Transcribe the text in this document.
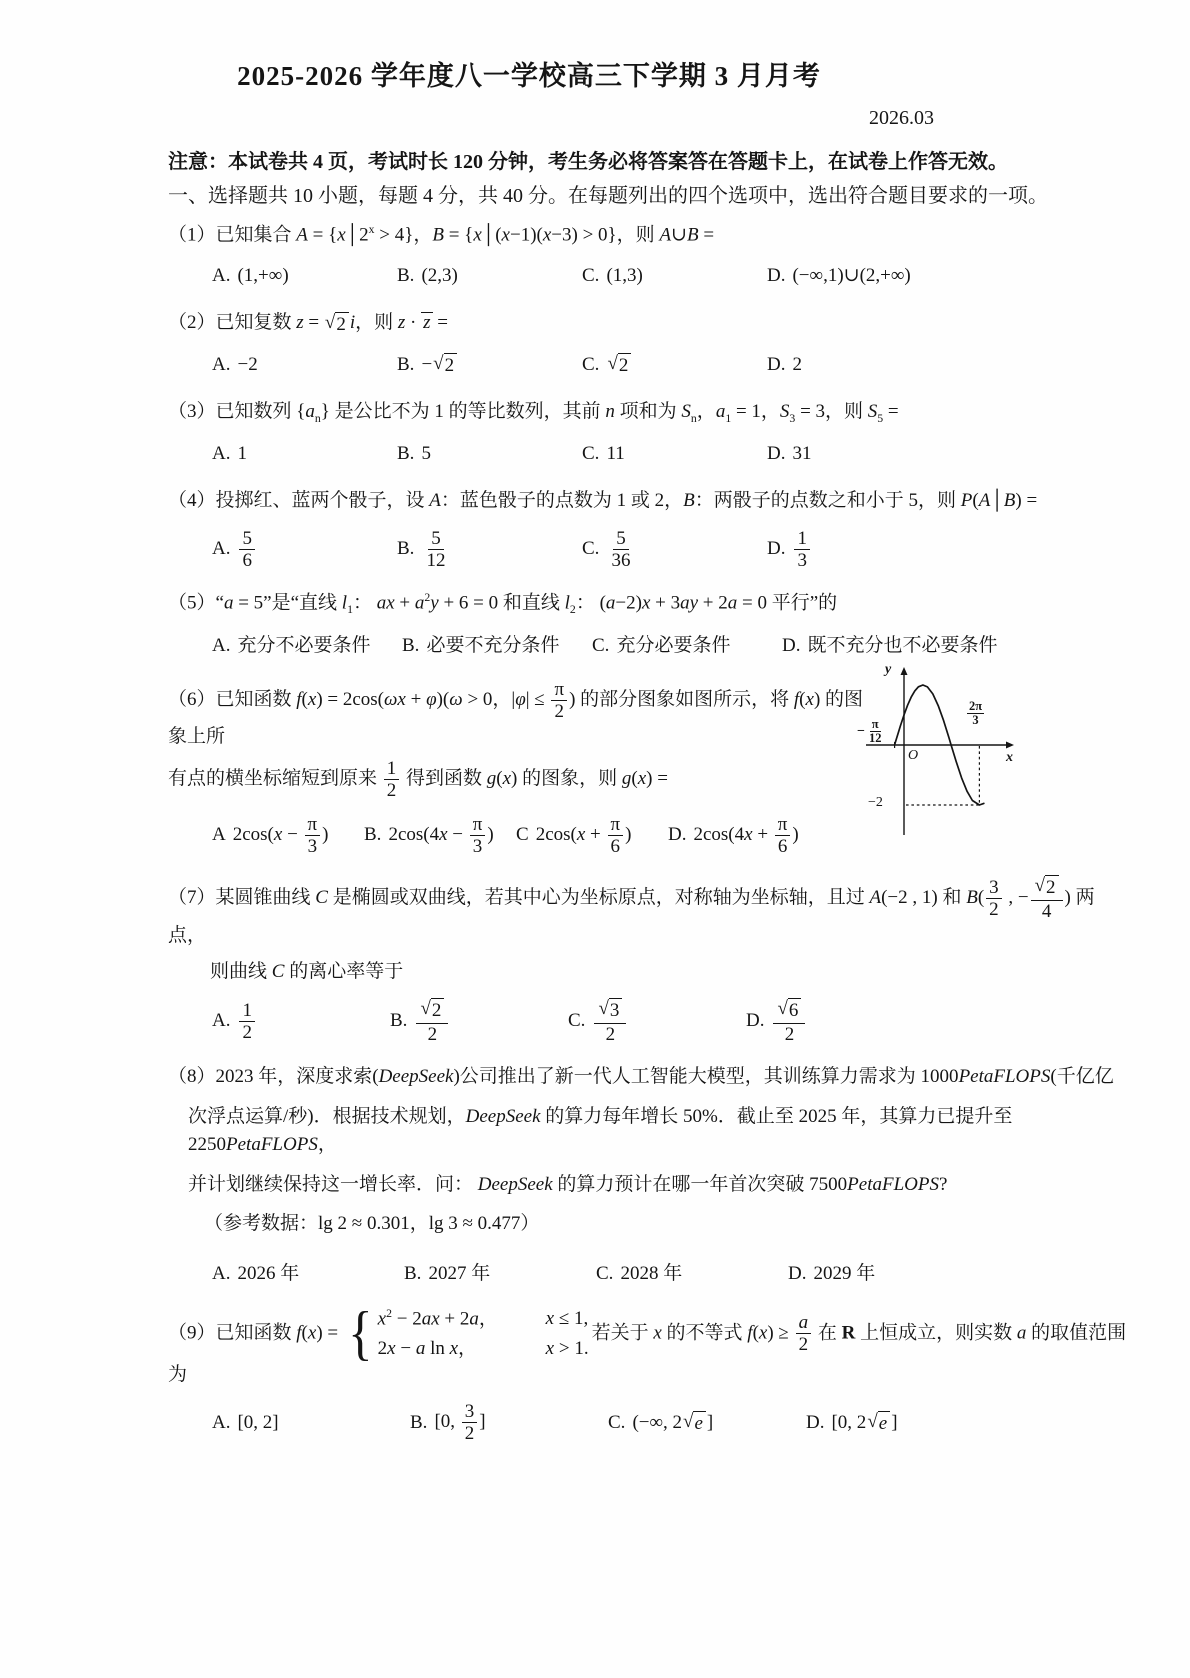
2025-2026 学年度八一学校高三下学期 3 月月考
2026.03
注意：本试卷共 4 页，考试时长 120 分钟，考生务必将答案答在答题卡上，在试卷上作答无效。
一、选择题共 10 小题，每题 4 分，共 40 分。在每题列出的四个选项中，选出符合题目要求的一项。
（1）已知集合 $A = \{x│2^x > 4\}$，B = {x│(x−1)(x−3) > 0}，则 A∪B =
A. (1,+∞)	B. (2,3)	C. (1,3)	D. (−∞,1)∪(2,+∞)
（2）已知复数 z = √ 2 i，则 z · z =
A. −2	B. − √ 2	C. √ 2	D. 2
（3）已知数列 $\{a_n\}$ 是公比不为 1 的等比数列，其前 n 项和为 $S_n$，$a_1 = 1$，$S_3 = 3$，则 $S_5$ =
A. 1	B. 5	C. 11	D. 31
（4）投掷红、蓝两个骰子，设 A：蓝色骰子的点数为 1 或 2，B：两骰子的点数之和小于 5，则 P(A│B) =
A. $\frac{5}{6}$	B. $\frac{5}{12}$	C. $\frac{5}{36}$	D. $\frac{1}{3}$
（5）“a = 5”是“直线 $l_1$： ax + $a^2y + 6 = 0$ 和直线 $l_2$： (a−2)x + 3ay + 2a = 0 平行”的
A. 充分不必要条件 B. 必要不充分条件 C. 充分必要条件	D. 既不充分也不必要条件
（6）已知函数 f(x) = 2cos(ωx + φ)(ω > 0，$|\varphi| \le \frac{\pi}{2}$ ) 的部分图象如图所示，将 f(x) 的图象上所
有点的横坐标缩短到原来 $\frac{1}{2}$ 得到函数 g(x) 的图象，则 g(x) =
A $2\cos(x - \frac{\pi}{3}$ ) B. $2\cos(4x - \frac{\pi}{3}$ ) C $2\cos(x + \frac{\pi}{6}$ ) D. $2\cos(4x + \frac{\pi}{6}$ )
y
x
O
−2
− $\frac{\pi}{12}$
$\frac{2\pi}{3}$
（7）某圆锥曲线 C 是椭圆或双曲线，若其中心为坐标原点，对称轴为坐标轴，且过 A(−2 , 1) 和 $B( \frac{3}{2}$ , − $\frac{√ 2}{4}$ ) 两点，
则曲线 C 的离心率等于
A. $\frac{1}{2}$	B. $\frac{√ 2}{2}$	C. $\frac{√ 3}{2}$	D. $\frac{√ 6}{2}$
（8）2023 年，深度求索(DeepSeek)公司推出了新一代人工智能大模型，其训练算力需求为 1000PetaFLOPS(千亿亿
次浮点运算/秒)．根据技术规划，DeepSeek 的算力每年增长 50%．截止至 2025 年，其算力已提升至 2250PetaFLOPS，
并计划继续保持这一增长率．问： DeepSeek 的算力预计在哪一年首次突破 7500PetaFLOPS?
（参考数据：lg 2 ≈ 0.301，lg 3 ≈ 0.477）
A. 2026 年	B. 2027 年	C. 2028 年	D. 2029 年
（9）已知函数 f(x) = { $x^2 - 2ax + 2a$，	x ≤ 1,
2x − a ln x，	x > 1.
若关于 x 的不等式 $f(x) \ge \frac{a}{2}$ 在 R 上恒成立，则实数 a 的取值范围为
A. [0, 2]	B. [0, $\frac{3}{2}$ ]	C. (−∞, 2 √ e ]	D. [0, 2 √ e ]
